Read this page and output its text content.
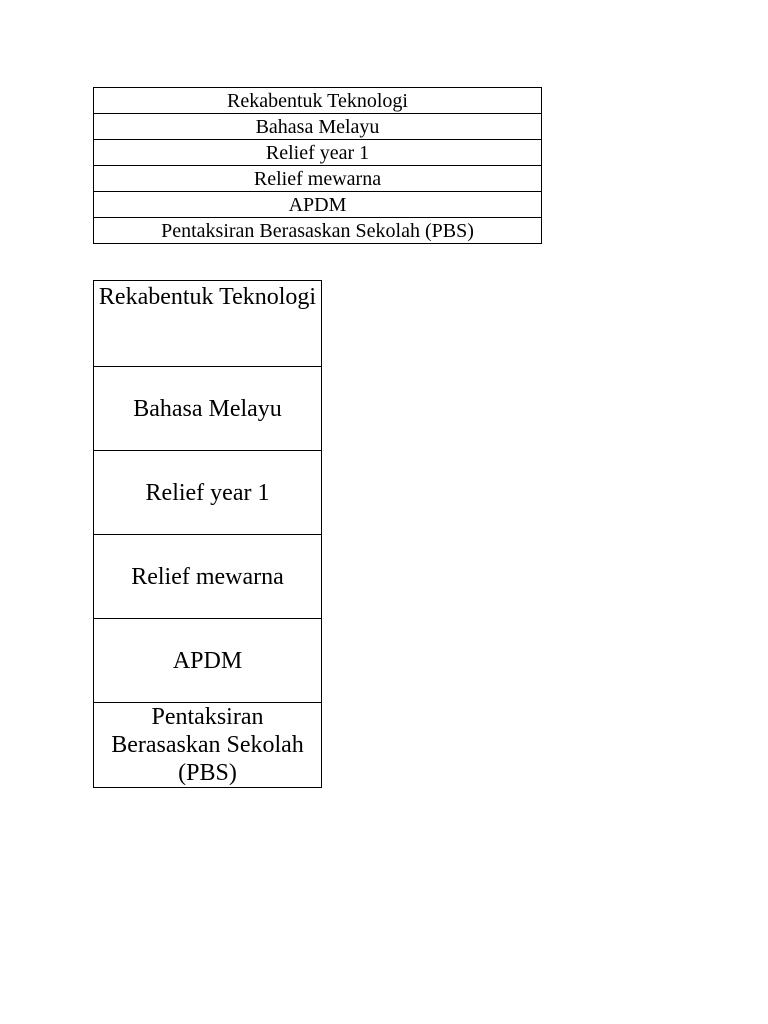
Rekabentuk Teknologi
Bahasa Melayu
Relief year 1
Relief mewarna
APDM
Pentaksiran Berasaskan Sekolah (PBS)
Rekabentuk Teknologi
Bahasa Melayu
Relief year 1
Relief mewarna
APDM
Pentaksiran Berasaskan Sekolah (PBS)
